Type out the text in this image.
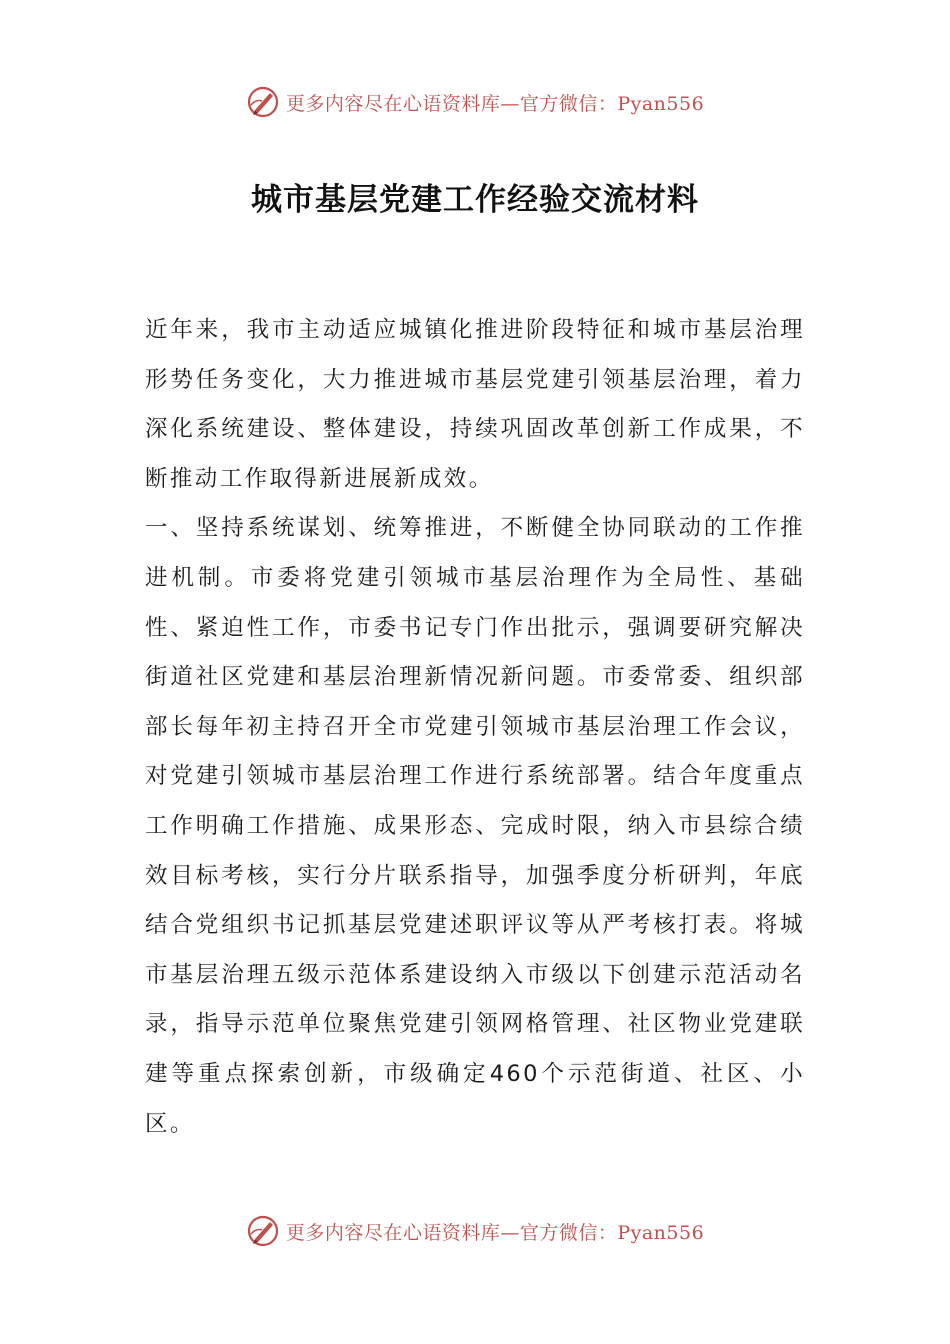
更多内容尽在心语资料库—官方微信：Pyan556
城市基层党建工作经验交流材料

近年来，我市主动适应城镇化推进阶段特征和城市基层治理形势任务变化，大力推进城市基层党建引领基层治理，着力深化系统建设、整体建设，持续巩固改革创新工作成果，不断推动工作取得新进展新成效。

一、坚持系统谋划、统筹推进，不断健全协同联动的工作推进机制。市委将党建引领城市基层治理作为全局性、基础性、紧迫性工作，市委书记专门作出批示，强调要研究解决街道社区党建和基层治理新情况新问题。市委常委、组织部部长每年初主持召开全市党建引领城市基层治理工作会议，对党建引领城市基层治理工作进行系统部署。结合年度重点工作明确工作措施、成果形态、完成时限，纳入市县综合绩效目标考核，实行分片联系指导，加强季度分析研判，年底结合党组织书记抓基层党建述职评议等从严考核打表。将城市基层治理五级示范体系建设纳入市级以下创建示范活动名录，指导示范单位聚焦党建引领网格管理、社区物业党建联建等重点探索创新，市级确定460个示范街道、社区、小区。

更多内容尽在心语资料库—官方微信：Pyan556
